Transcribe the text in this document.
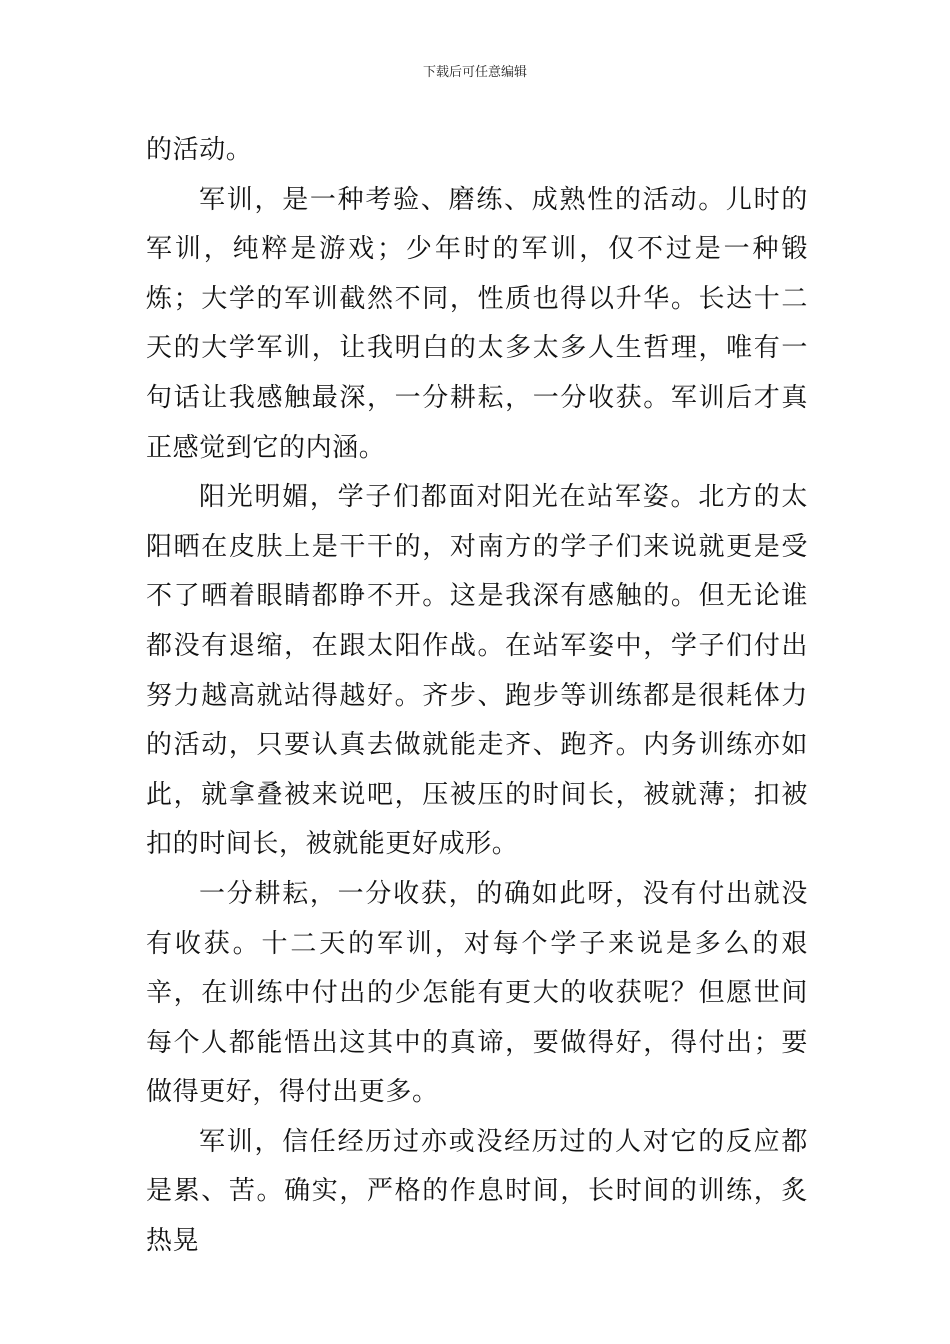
下载后可任意编辑

的活动。

军训，是一种考验、磨练、成熟性的活动。儿时的军训，纯粹是游戏；少年时的军训，仅不过是一种锻炼；大学的军训截然不同，性质也得以升华。长达十二天的大学军训，让我明白的太多太多人生哲理，唯有一句话让我感触最深，一分耕耘，一分收获。军训后才真正感觉到它的内涵。

阳光明媚，学子们都面对阳光在站军姿。北方的太阳晒在皮肤上是干干的，对南方的学子们来说就更是受不了晒着眼睛都睁不开。这是我深有感触的。但无论谁都没有退缩，在跟太阳作战。在站军姿中，学子们付出努力越高就站得越好。齐步、跑步等训练都是很耗体力的活动，只要认真去做就能走齐、跑齐。内务训练亦如此，就拿叠被来说吧，压被压的时间长，被就薄；扣被扣的时间长，被就能更好成形。

一分耕耘，一分收获，的确如此呀，没有付出就没有收获。十二天的军训，对每个学子来说是多么的艰辛，在训练中付出的少怎能有更大的收获呢？但愿世间每个人都能悟出这其中的真谛，要做得好，得付出；要做得更好，得付出更多。

军训，信任经历过亦或没经历过的人对它的反应都是累、苦。确实，严格的作息时间，长时间的训练，炙热晃
